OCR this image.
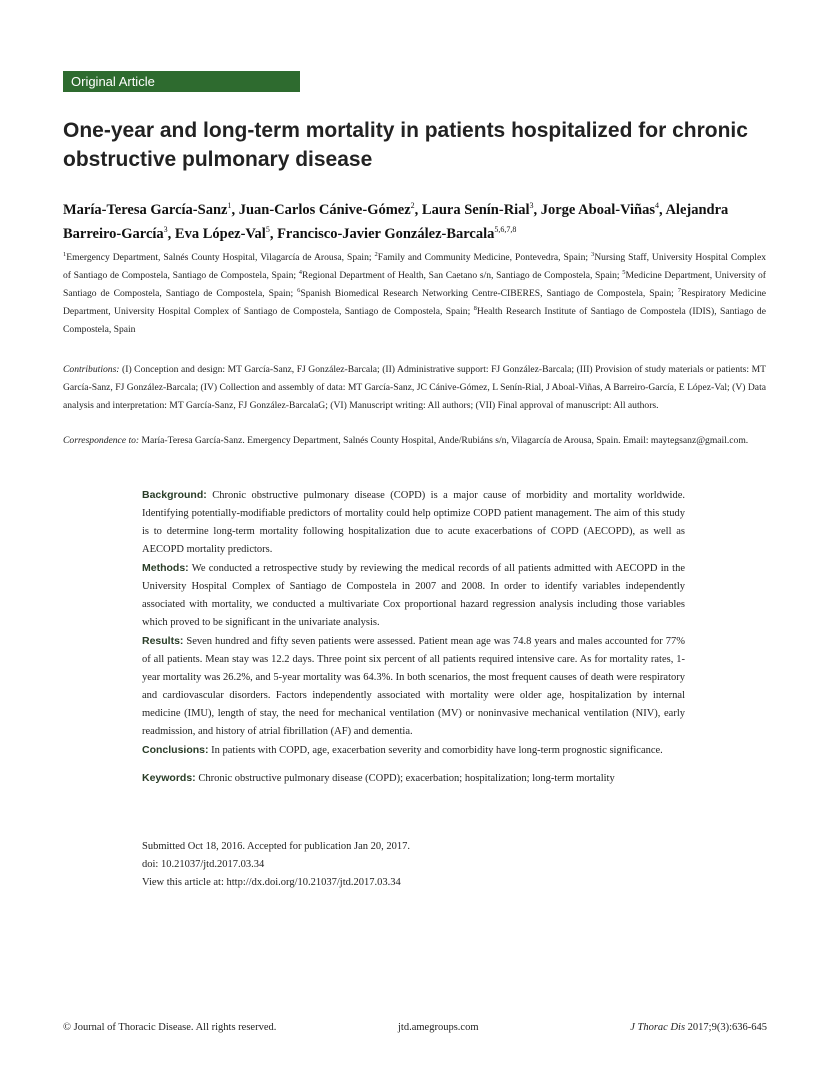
Original Article
One-year and long-term mortality in patients hospitalized for chronic obstructive pulmonary disease
María-Teresa García-Sanz$^1$, Juan-Carlos Cánive-Gómez$^2$, Laura Senín-Rial$^3$, Jorge Aboal-Viñas$^4$, Alejandra Barreiro-García$^3$, Eva López-Val$^5$, Francisco-Javier González-Barcala$^{5,6,7,8}$
$^1$Emergency Department, Salnés County Hospital, Vilagarcía de Arousa, Spain; $^2$Family and Community Medicine, Pontevedra, Spain; $^3$Nursing Staff, University Hospital Complex of Santiago de Compostela, Santiago de Compostela, Spain; $^4$Regional Department of Health, San Caetano s/n, Santiago de Compostela, Spain; $^5$Medicine Department, University of Santiago de Compostela, Santiago de Compostela, Spain; $^6$Spanish Biomedical Research Networking Centre-CIBERES, Santiago de Compostela, Spain; $^7$Respiratory Medicine Department, University Hospital Complex of Santiago de Compostela, Santiago de Compostela, Spain; $^8$Health Research Institute of Santiago de Compostela (IDIS), Santiago de Compostela, Spain
Contributions: (I) Conception and design: MT García-Sanz, FJ González-Barcala; (II) Administrative support: FJ González-Barcala; (III) Provision of study materials or patients: MT García-Sanz, FJ González-Barcala; (IV) Collection and assembly of data: MT García-Sanz, JC Cánive-Gómez, L Senín-Rial, J Aboal-Viñas, A Barreiro-García, E López-Val; (V) Data analysis and interpretation: MT García-Sanz, FJ González-BarcalaG; (VI) Manuscript writing: All authors; (VII) Final approval of manuscript: All authors.
Correspondence to: María-Teresa García-Sanz. Emergency Department, Salnés County Hospital, Ande/Rubiáns s/n, Vilagarcía de Arousa, Spain. Email: maytegsanz@gmail.com.

Background: Chronic obstructive pulmonary disease (COPD) is a major cause of morbidity and mortality worldwide. Identifying potentially-modifiable predictors of mortality could help optimize COPD patient management. The aim of this study is to determine long-term mortality following hospitalization due to acute exacerbations of COPD (AECOPD), as well as AECOPD mortality predictors.

Methods: We conducted a retrospective study by reviewing the medical records of all patients admitted with AECOPD in the University Hospital Complex of Santiago de Compostela in 2007 and 2008. In order to identify variables independently associated with mortality, we conducted a multivariate Cox proportional hazard regression analysis including those variables which proved to be significant in the univariate analysis.

Results: Seven hundred and fifty seven patients were assessed. Patient mean age was 74.8 years and males accounted for 77% of all patients. Mean stay was 12.2 days. Three point six percent of all patients required intensive care. As for mortality rates, 1-year mortality was 26.2%, and 5-year mortality was 64.3%. In both scenarios, the most frequent causes of death were respiratory and cardiovascular disorders. Factors independently associated with mortality were older age, hospitalization by internal medicine (IMU), length of stay, the need for mechanical ventilation (MV) or noninvasive mechanical ventilation (NIV), early readmission, and history of atrial fibrillation (AF) and dementia.

Conclusions: In patients with COPD, age, exacerbation severity and comorbidity have long-term prognostic significance.

Keywords: Chronic obstructive pulmonary disease (COPD); exacerbation; hospitalization; long-term mortality

Submitted Oct 18, 2016. Accepted for publication Jan 20, 2017.
doi: 10.21037/jtd.2017.03.34
View this article at: http://dx.doi.org/10.21037/jtd.2017.03.34
© Journal of Thoracic Disease. All rights reserved.	jtd.amegroups.com	J Thorac Dis 2017;9(3):636-645
